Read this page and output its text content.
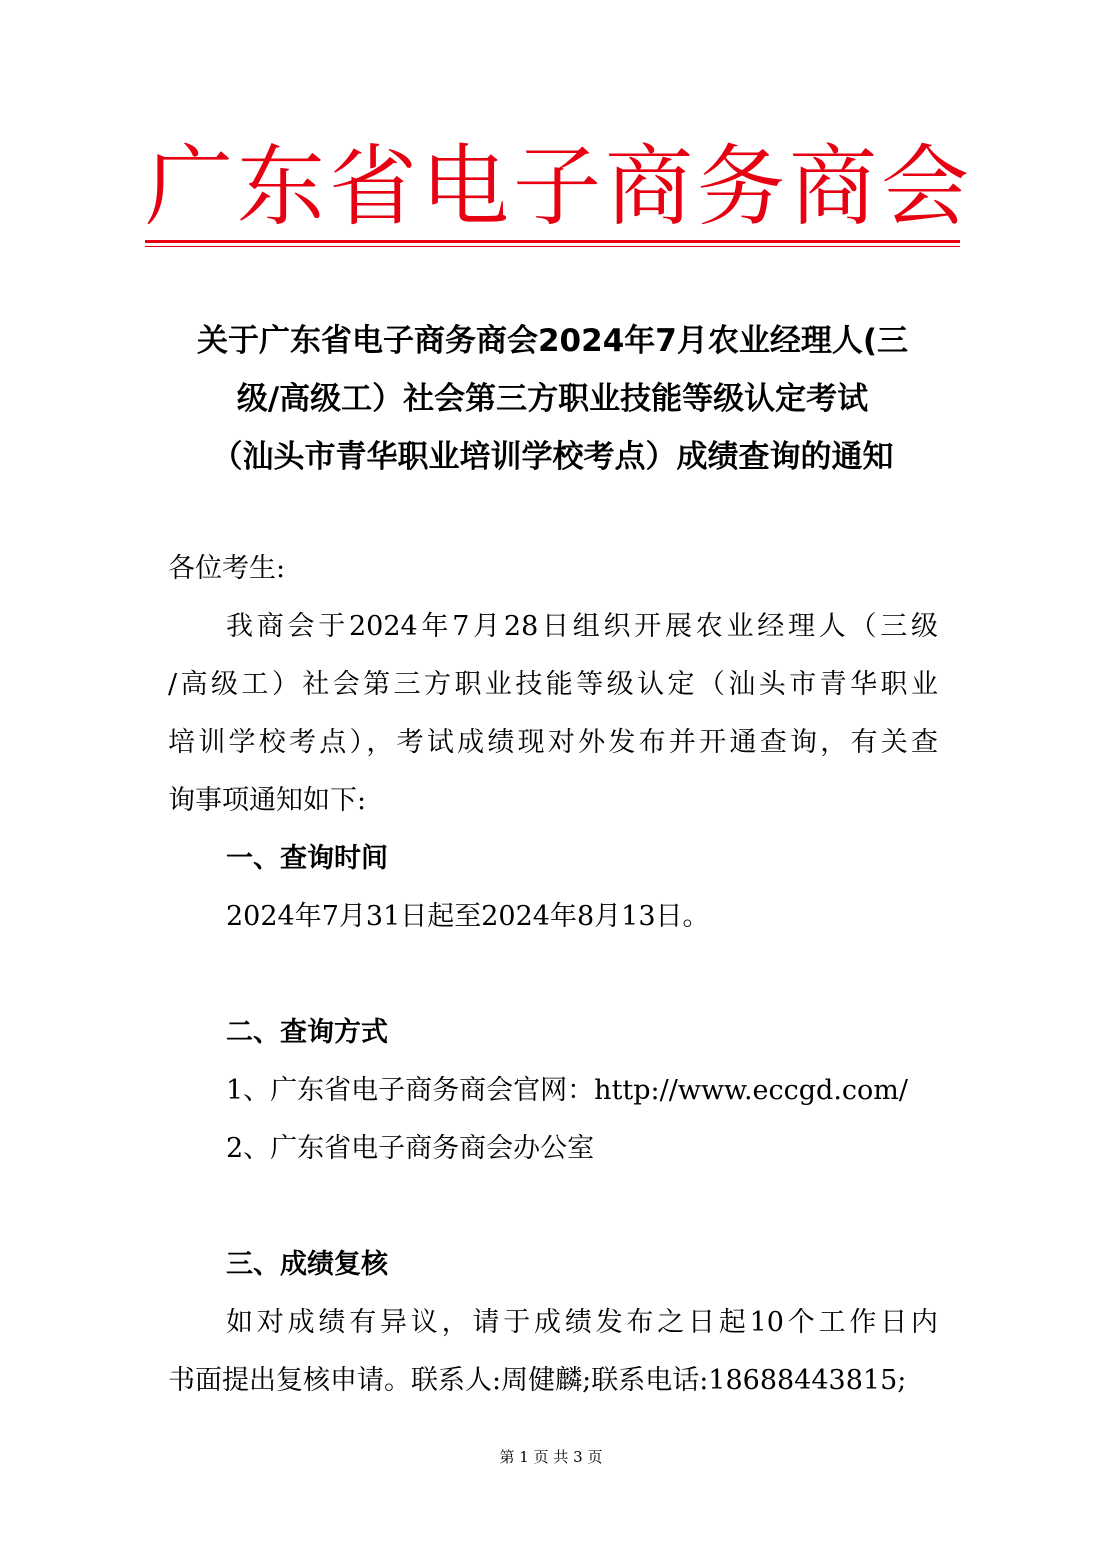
广东省电子商务商会
关于广东省电子商务商会2024年7月农业经理人(三
级/高级工）社会第三方职业技能等级认定考试
（汕头市青华职业培训学校考点）成绩查询的通知
各位考生:
我商会于2024年7月28日组织开展农业经理人（三级
/高级工）社会第三方职业技能等级认定（汕头市青华职业
培训学校考点），考试成绩现对外发布并开通查询，有关查
询事项通知如下:
一、查询时间
2024年7月31日起至2024年8月13日。
二、查询方式
1、广东省电子商务商会官网：http://www.eccgd.com/
2、广东省电子商务商会办公室
三、成绩复核
如对成绩有异议，请于成绩发布之日起10个工作日内
书面提出复核申请。联系人:周健麟;联系电话:18688443815;
第 1 页 共 3 页
